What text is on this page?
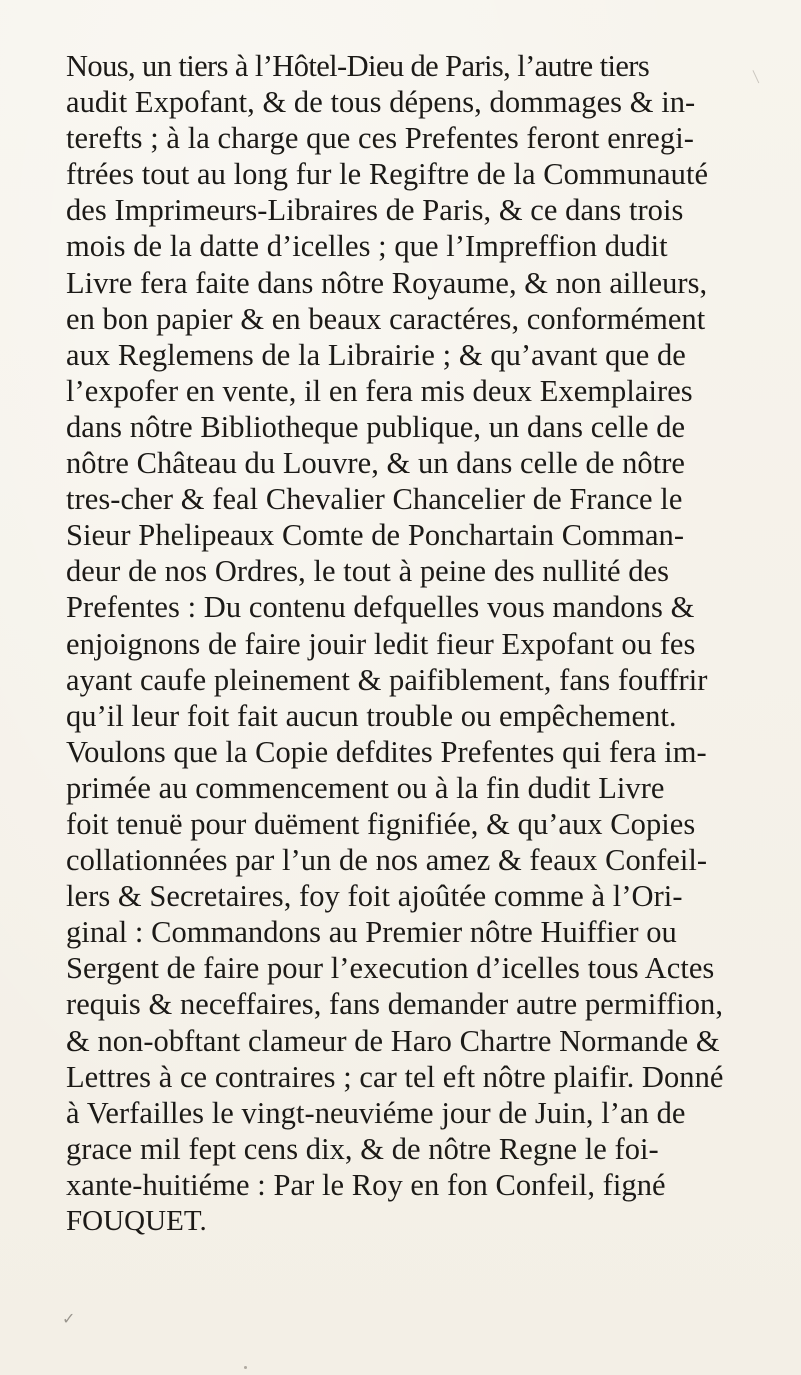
Nous, un tiers à l’Hôtel-Dieu de Paris, l’autre tiers
audit Expofant, & de tous dépens, dommages & in-
terefts ; à la charge que ces Prefentes feront enregi-
ftrées tout au long fur le Regiftre de la Communauté
des Imprimeurs-Libraires de Paris, & ce dans trois
mois de la datte d’icelles ; que l’Impreffion dudit
Livre fera faite dans nôtre Royaume, & non ailleurs,
en bon papier & en beaux caractéres, conformément
aux Reglemens de la Librairie ; & qu’avant que de
l’expofer en vente, il en fera mis deux Exemplaires
dans nôtre Bibliotheque publique, un dans celle de
nôtre Château du Louvre, & un dans celle de nôtre
tres-cher & feal Chevalier Chancelier de France le
Sieur Phelipeaux Comte de Ponchartain Comman-
deur de nos Ordres, le tout à peine des nullité des
Prefentes : Du contenu defquelles vous mandons &
enjoignons de faire jouir ledit fieur Expofant ou fes
ayant caufe pleinement & paifiblement, fans fouffrir
qu’il leur foit fait aucun trouble ou empêchement.
Voulons que la Copie defdites Prefentes qui fera im-
primée au commencement ou à la fin dudit Livre
foit tenuë pour duëment fignifiée, & qu’aux Copies
collationnées par l’un de nos amez & feaux Confeil-
lers & Secretaires, foy foit ajoûtée comme à l’Ori-
ginal : Commandons au Premier nôtre Huiffier ou
Sergent de faire pour l’execution d’icelles tous Actes
requis & neceffaires, fans demander autre permiffion,
& non-obftant clameur de Haro Chartre Normande &
Lettres à ce contraires ; car tel eft nôtre plaifir. Donné
à Verfailles le vingt-neuviéme jour de Juin, l’an de
grace mil fept cens dix, & de nôtre Regne le foi-
xante-huitiéme : Par le Roy en fon Confeil, figné
FOUQUET.
✓
